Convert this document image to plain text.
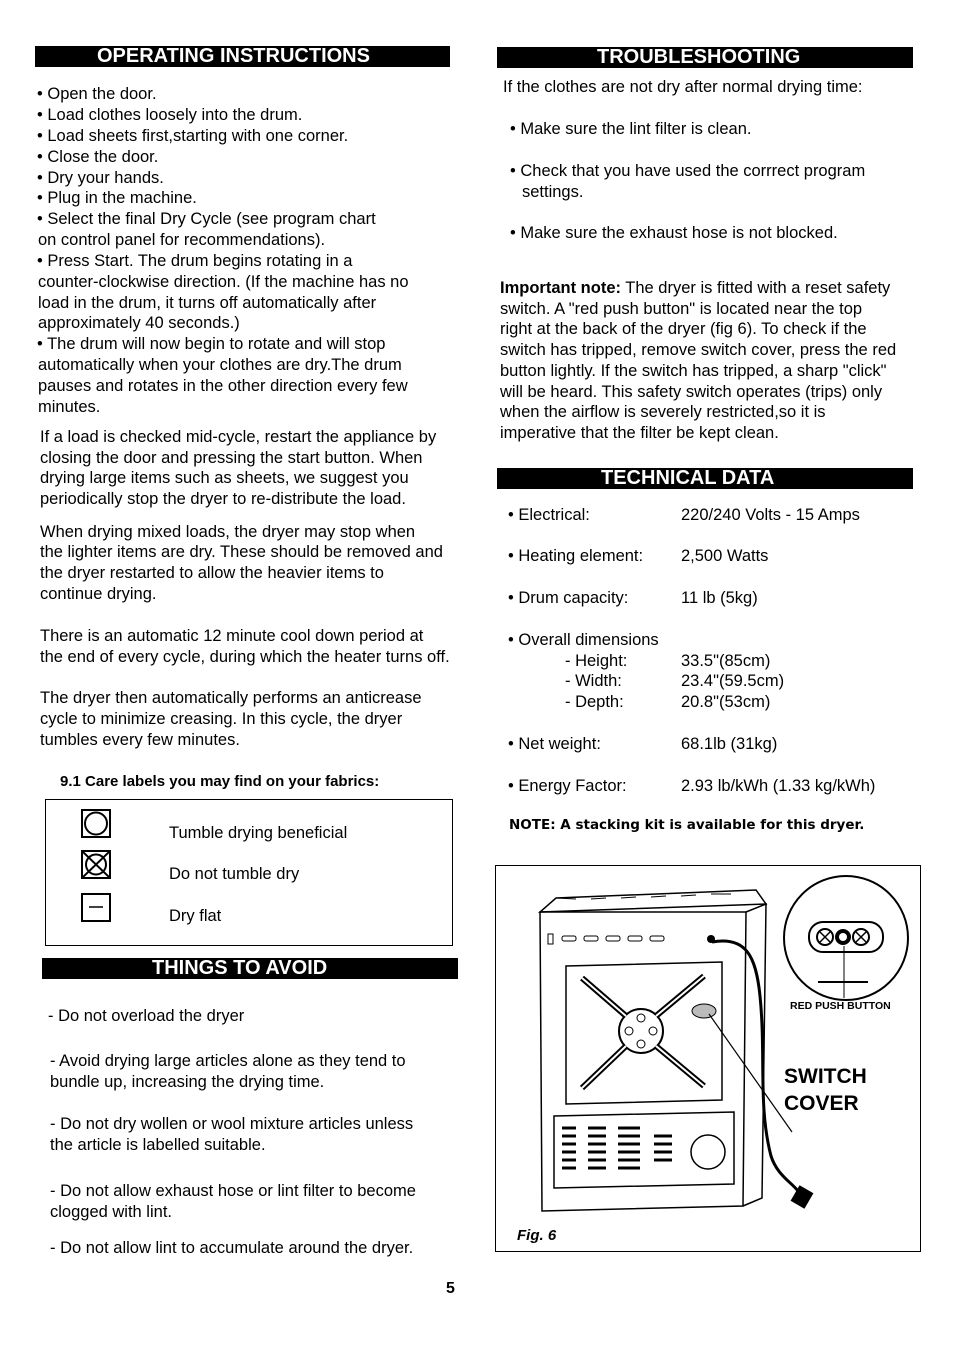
OPERATING INSTRUCTIONS
• Open the door.
• Load clothes loosely into the drum.
• Load sheets first,starting with one corner.
• Close the door.
• Dry your hands.
• Plug in the machine.
• Select the final Dry Cycle (see program chart
on control panel for recommendations).
• Press Start. The drum begins rotating in a
counter-clockwise direction. (If the machine has no
load in the drum, it turns off automatically after
approximately 40 seconds.)
• The drum will now begin to rotate and will stop
automatically when your clothes are dry.The drum
pauses and rotates in the other direction every few
minutes.
If a load is checked mid-cycle, restart the appliance by
closing the door and pressing the start button. When
drying large items such as sheets, we suggest you
periodically stop the dryer to re-distribute the load.
When drying mixed loads, the dryer may stop when
the lighter items are dry. These should be removed and
the dryer restarted to allow the heavier items to
continue drying.
There is an automatic 12 minute cool down period at
the end of every cycle, during which the heater turns off.
The dryer then automatically performs an anticrease
cycle to minimize creasing. In this cycle, the dryer
tumbles every few minutes.
9.1 Care labels you may find on your fabrics:
Tumble drying beneficial
Do not tumble dry
Dry flat
THINGS TO AVOID
- Do not overload the dryer
- Avoid drying large articles alone as they tend to
bundle up, increasing the drying time.
- Do not dry wollen or wool mixture articles unless
the article is labelled suitable.
- Do not allow exhaust hose or lint filter to become
clogged with lint.
- Do not allow lint to accumulate around the dryer.
TROUBLESHOOTING
If the clothes are not dry after normal drying time:
• Make sure the lint filter is clean.
• Check that you have used the corrrect program
settings.
• Make sure the exhaust hose is not blocked.
Important note: The dryer is fitted with a reset safety
switch. A "red push button" is located near the top
right at the back of the dryer (fig 6). To check if the
switch has tripped, remove switch cover, press the red
button lightly. If the switch has tripped, a sharp "click"
will be heard. This safety switch operates (trips) only
when the airflow is severely restricted,so it is
imperative that the filter be kept clean.
TECHNICAL DATA
• Electrical:	220/240 Volts - 15 Amps
• Heating element: 2,500 Watts
• Drum capacity:	11 lb (5kg)
• Overall dimensions
- Height:	33.5"(85cm)
- Width:	23.4"(59.5cm)
- Depth:	20.8"(53cm)
• Net weight:	68.1lb (31kg)
• Energy Factor:	2.93 lb/kWh (1.33 kg/kWh)
NOTE: A stacking kit is available for this dryer.
RED PUSH BUTTON
SWITCH
COVER
Fig. 6
5
